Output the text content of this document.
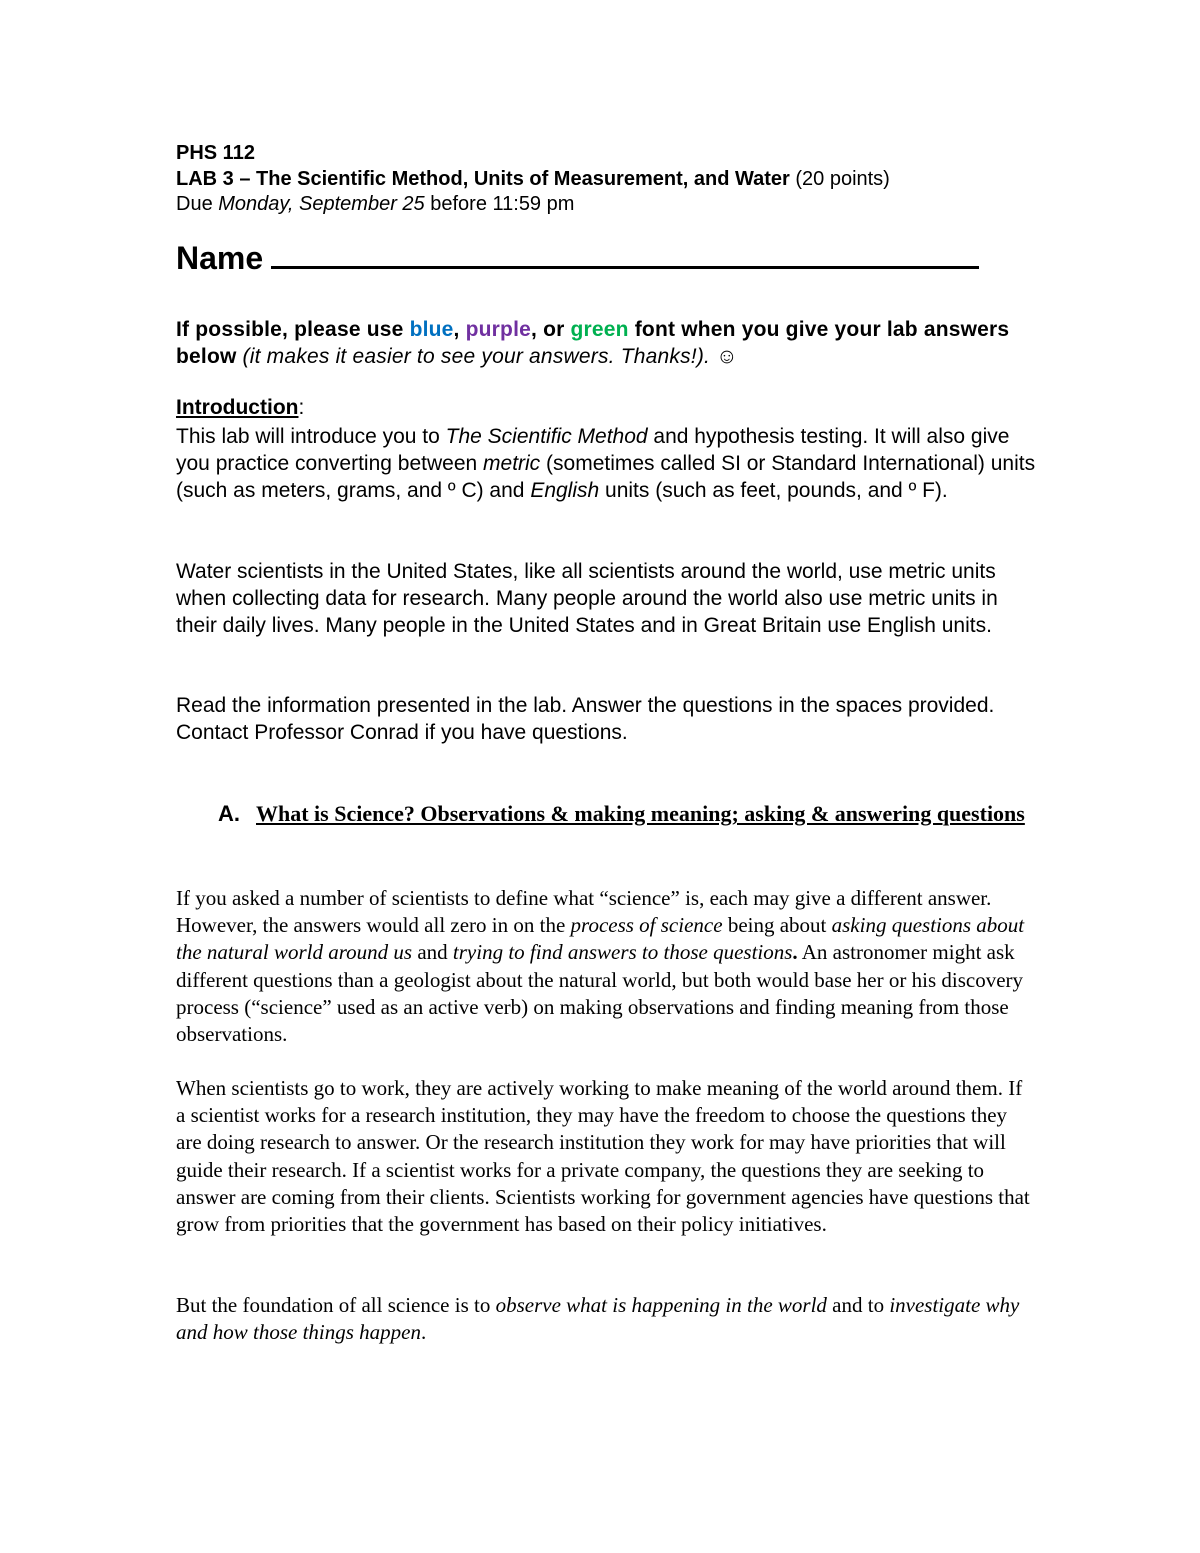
PHS 112
LAB 3 – The Scientific Method, Units of Measurement, and Water (20 points)
Due Monday, September 25 before 11:59 pm
Name
If possible, please use blue, purple, or green font when you give your lab answers below (it makes it easier to see your answers. Thanks!). ☺
Introduction:
This lab will introduce you to The Scientific Method and hypothesis testing. It will also give you practice converting between metric (sometimes called SI or Standard International) units (such as meters, grams, and º C) and English units (such as feet, pounds, and º F).
Water scientists in the United States, like all scientists around the world, use metric units when collecting data for research. Many people around the world also use metric units in their daily lives. Many people in the United States and in Great Britain use English units.
Read the information presented in the lab. Answer the questions in the spaces provided. Contact Professor Conrad if you have questions.
A. What is Science? Observations & making meaning; asking & answering questions
If you asked a number of scientists to define what “science” is, each may give a different answer. However, the answers would all zero in on the process of science being about asking questions about the natural world around us and trying to find answers to those questions. An astronomer might ask different questions than a geologist about the natural world, but both would base her or his discovery process (“science” used as an active verb) on making observations and finding meaning from those observations.
When scientists go to work, they are actively working to make meaning of the world around them. If a scientist works for a research institution, they may have the freedom to choose the questions they are doing research to answer. Or the research institution they work for may have priorities that will guide their research. If a scientist works for a private company, the questions they are seeking to answer are coming from their clients. Scientists working for government agencies have questions that grow from priorities that the government has based on their policy initiatives.
But the foundation of all science is to observe what is happening in the world and to investigate why and how those things happen.
